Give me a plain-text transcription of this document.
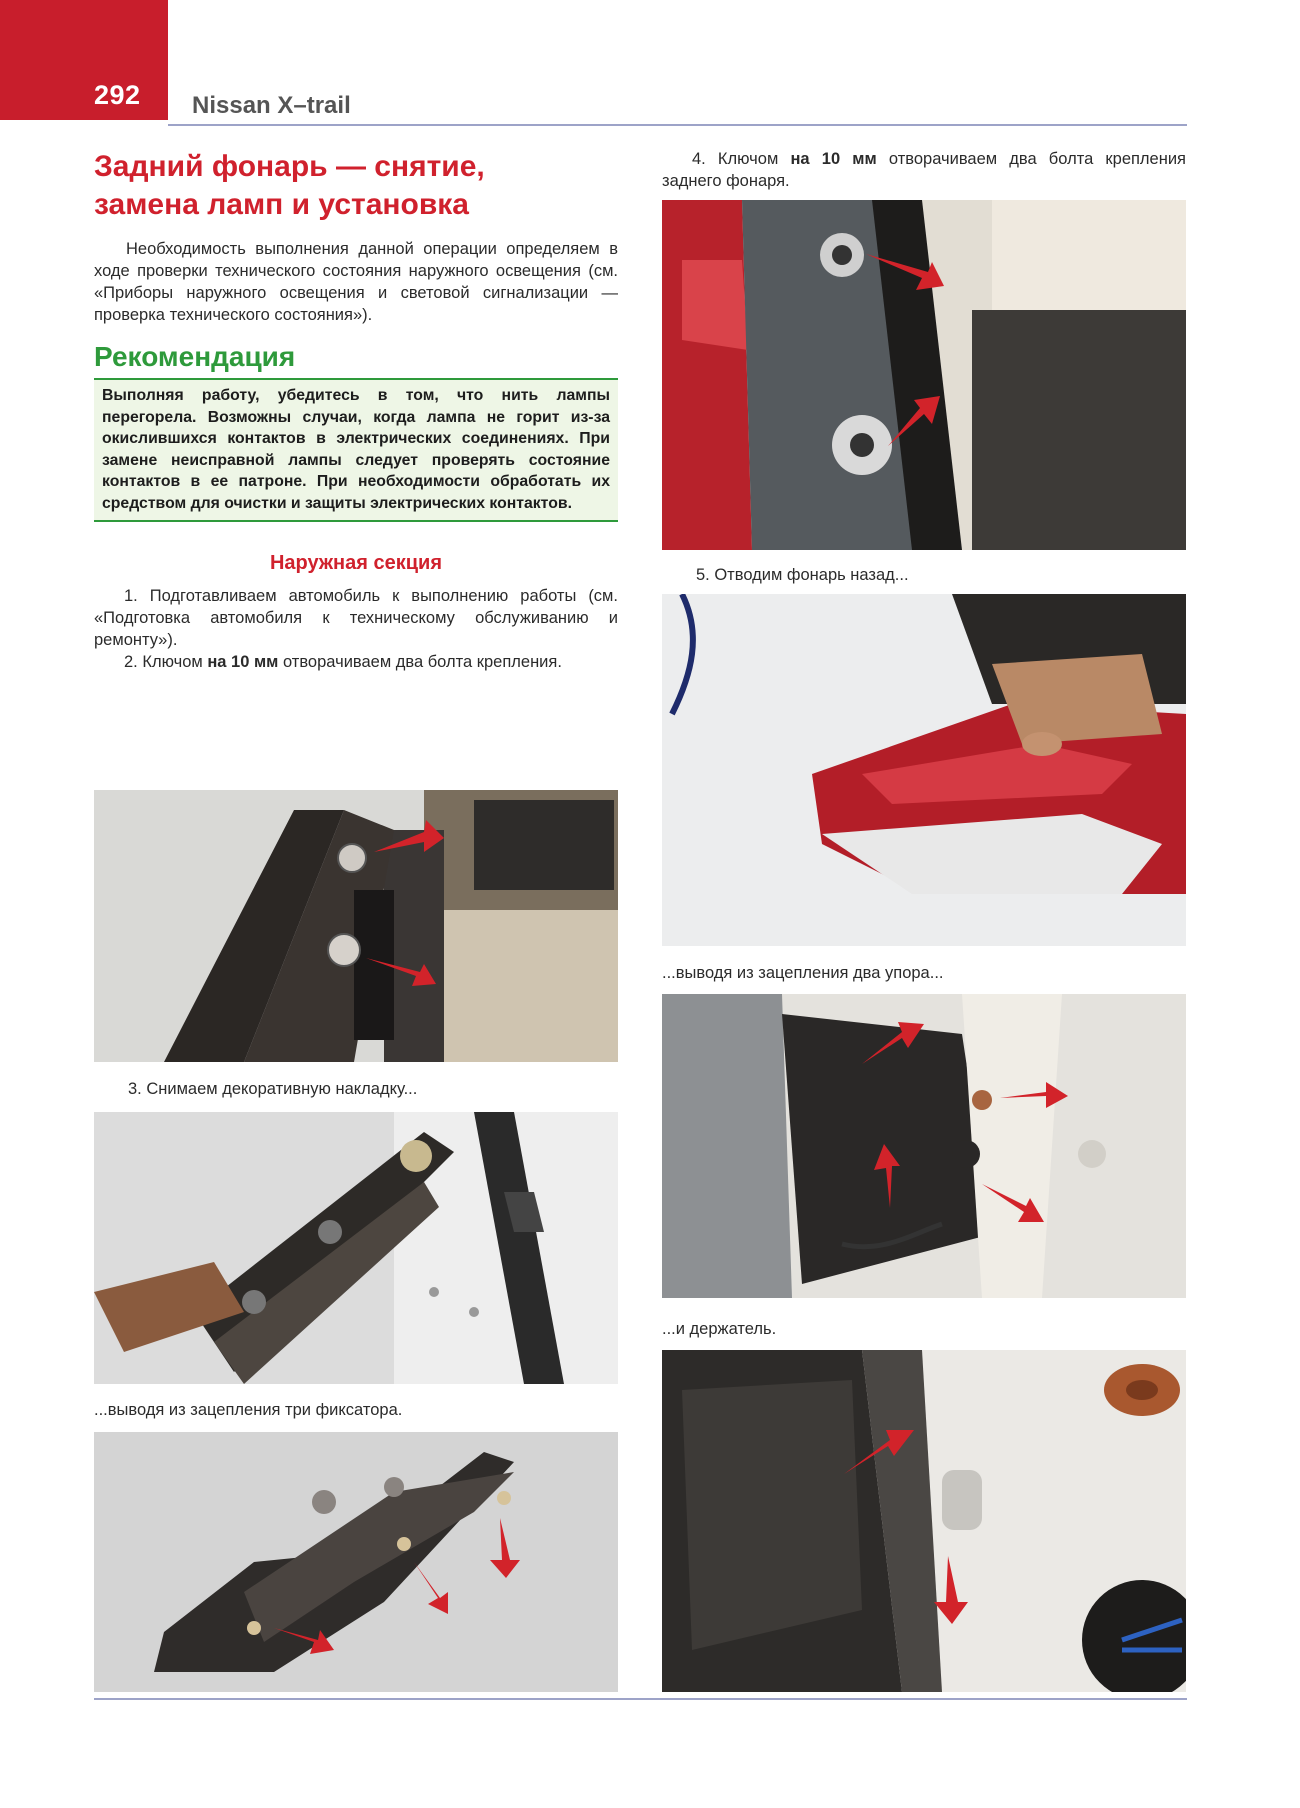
292 Nissan X–trail
Задний фонарь — снятие,
замена ламп и установка

Необходимость выполнения данной операции определяем в ходе проверки технического состояния наружного освещения (см. «Приборы наружного освещения и световой сигнализации — проверка технического состояния»).

Рекомендация

Выполняя работу, убедитесь в том, что нить лампы перегорела. Возможны случаи, когда лампа не горит из-за окислившихся контактов в электрических соединениях. При замене неисправной лампы следует проверять состояние контактов в ее патроне. При необходимости обработать их средством для очистки и защиты электрических контактов.

Наружная секция

1. Подготавливаем автомобиль к выполнению работы (см. «Подготовка автомобиля к техническому обслуживанию и ремонту»).

2. Ключом на 10 мм отворачиваем два болта крепления.

3. Снимаем декоративную накладку...
...выводя из зацепления три фиксатора.

4. Ключом на 10 мм отворачиваем два болта крепления заднего фонаря.

5. Отводим фонарь назад...
...выводя из зацепления два упора...
...и держатель.
